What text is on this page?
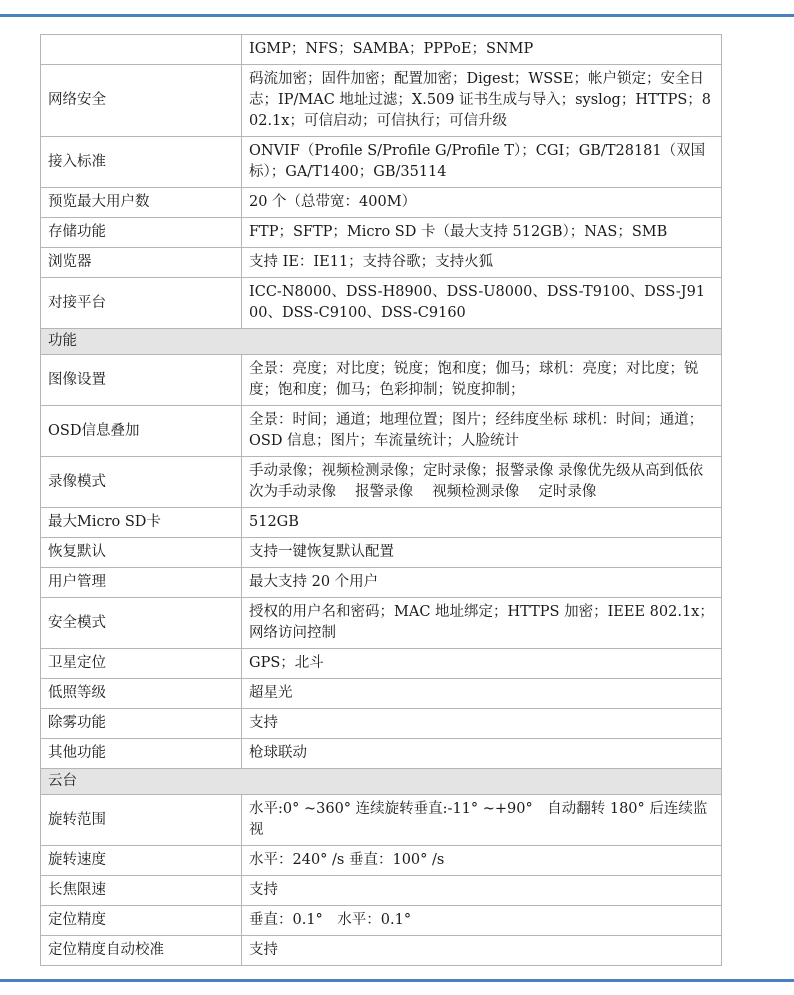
	IGMP；NFS；SAMBA；PPPoE；SNMP
网络安全	码流加密；固件加密；配置加密；Digest；WSSE；帐户锁定；安全日志；IP/MAC 地址过滤；X.509 证书生成与导入；syslog；HTTPS；802.1x；可信启动；可信执行；可信升级
接入标准	ONVIF（Profile S/Profile G/Profile T）；CGI；GB/T28181（双国标）；GA/T1400；GB/35114
预览最大用户数	20 个（总带宽：400M）
存储功能	FTP；SFTP；Micro SD 卡（最大支持 512GB）；NAS；SMB
浏览器	支持 IE：IE11；支持谷歌；支持火狐
对接平台	ICC-N8000、DSS-H8900、DSS-U8000、DSS-T9100、DSS-J9100、DSS-C9100、DSS-C9160
功能	
图像设置	全景：亮度；对比度；锐度；饱和度；伽马；球机：亮度；对比度；锐度；饱和度；伽马；色彩抑制；锐度抑制；
OSD信息叠加	全景：时间；通道；地理位置；图片；经纬度坐标 球机：时间；通道；OSD 信息；图片；车流量统计；人脸统计
录像模式	手动录像；视频检测录像；定时录像；报警录像 录像优先级从高到低依次为手动录像　 报警录像　 视频检测录像　 定时录像
最大Micro SD卡	512GB
恢复默认	支持一键恢复默认配置
用户管理	最大支持 20 个用户
安全模式	授权的用户名和密码；MAC 地址绑定；HTTPS 加密；IEEE 802.1x；网络访问控制
卫星定位	GPS；北斗
低照等级	超星光
除雾功能	支持
其他功能	枪球联动
云台	
旋转范围	水平:0° ~360° 连续旋转垂直:-11° ~+90°　自动翻转 180° 后连续监视
旋转速度	水平：240° /s 垂直：100° /s
长焦限速	支持
定位精度	垂直：0.1°　水平：0.1°
定位精度自动校准	支持
